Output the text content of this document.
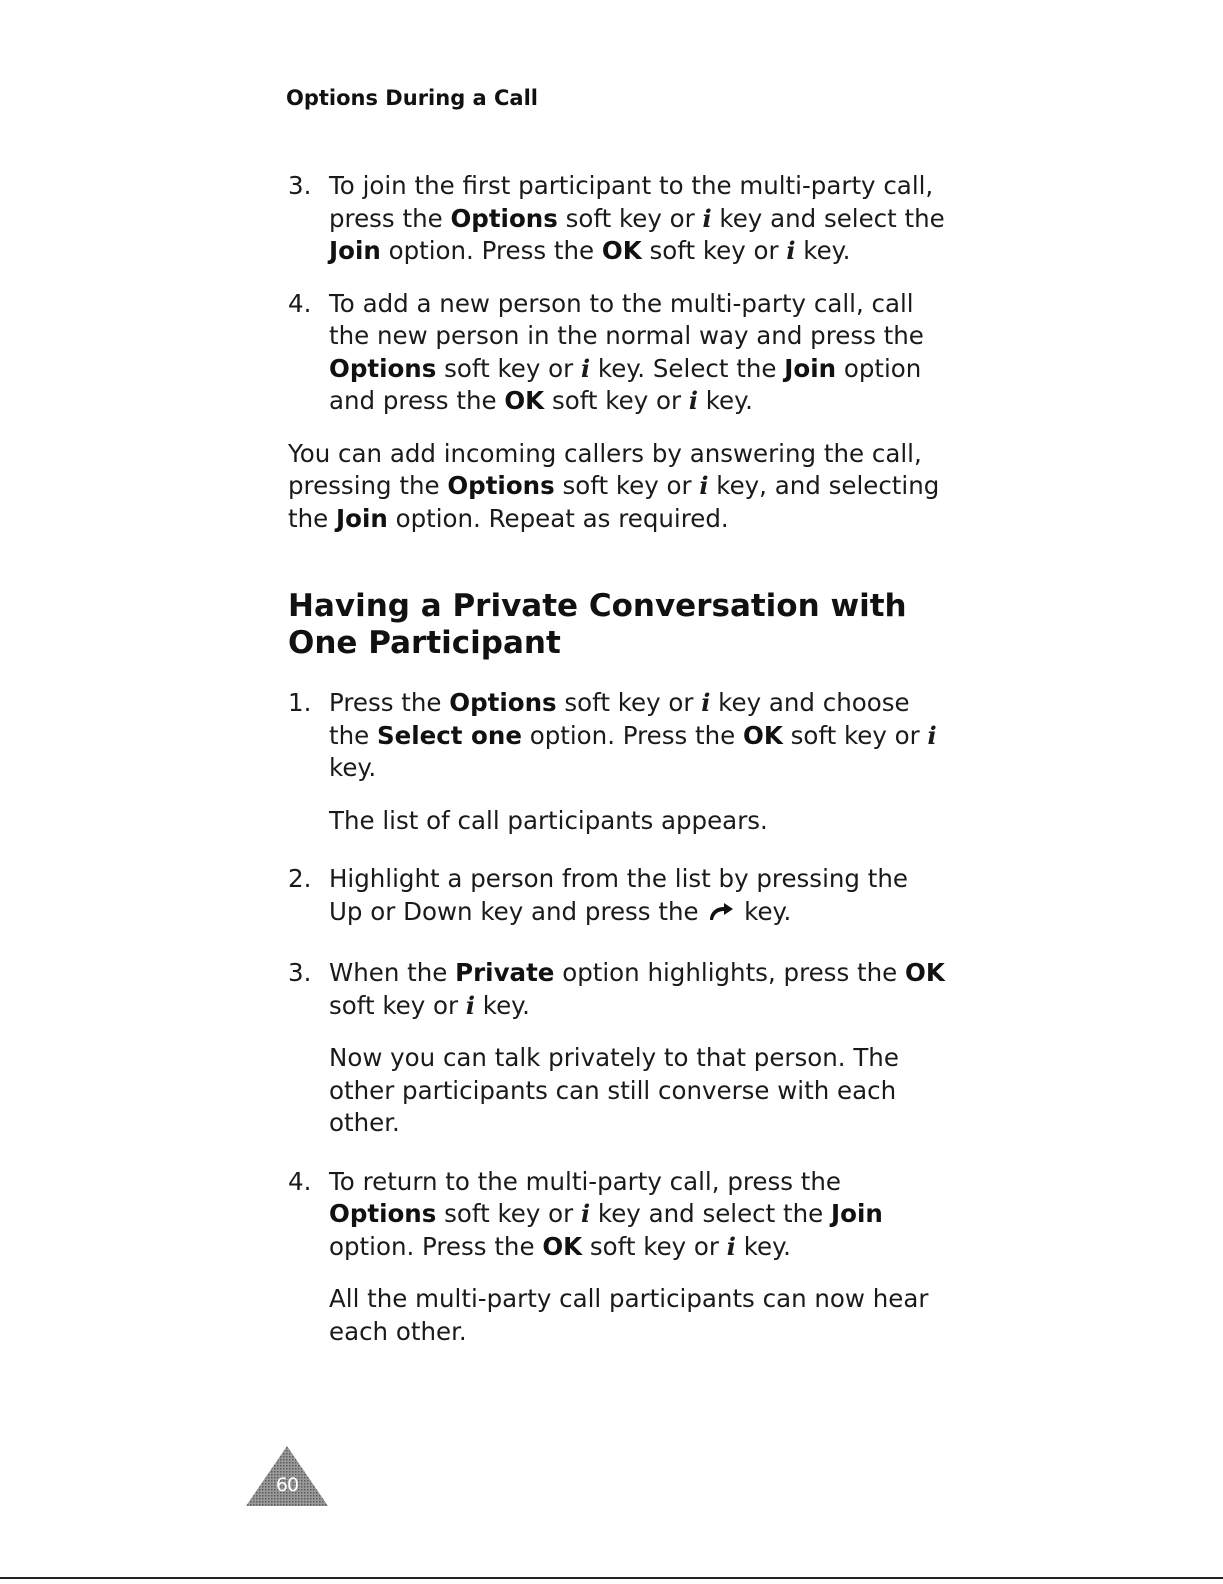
Options During a Call
3. To join the first participant to the multi-party call, press the Options soft key or i key and select the Join option. Press the OK soft key or i key.

4. To add a new person to the multi-party call, call the new person in the normal way and press the Options soft key or i key. Select the Join option and press the OK soft key or i key.

You can add incoming callers by answering the call, pressing the Options soft key or i key, and selecting the Join option. Repeat as required.

Having a Private Conversation with One Participant
1. Press the Options soft key or i key and choose the Select one option. Press the OK soft key or i key.

The list of call participants appears.

2. Highlight a person from the list by pressing the Up or Down key and press the  key.

3. When the Private option highlights, press the OK soft key or i key.

Now you can talk privately to that person. The other participants can still converse with each other.

4. To return to the multi-party call, press the Options soft key or i key and select the Join option. Press the OK soft key or i key.

All the multi-party call participants can now hear each other.

60
